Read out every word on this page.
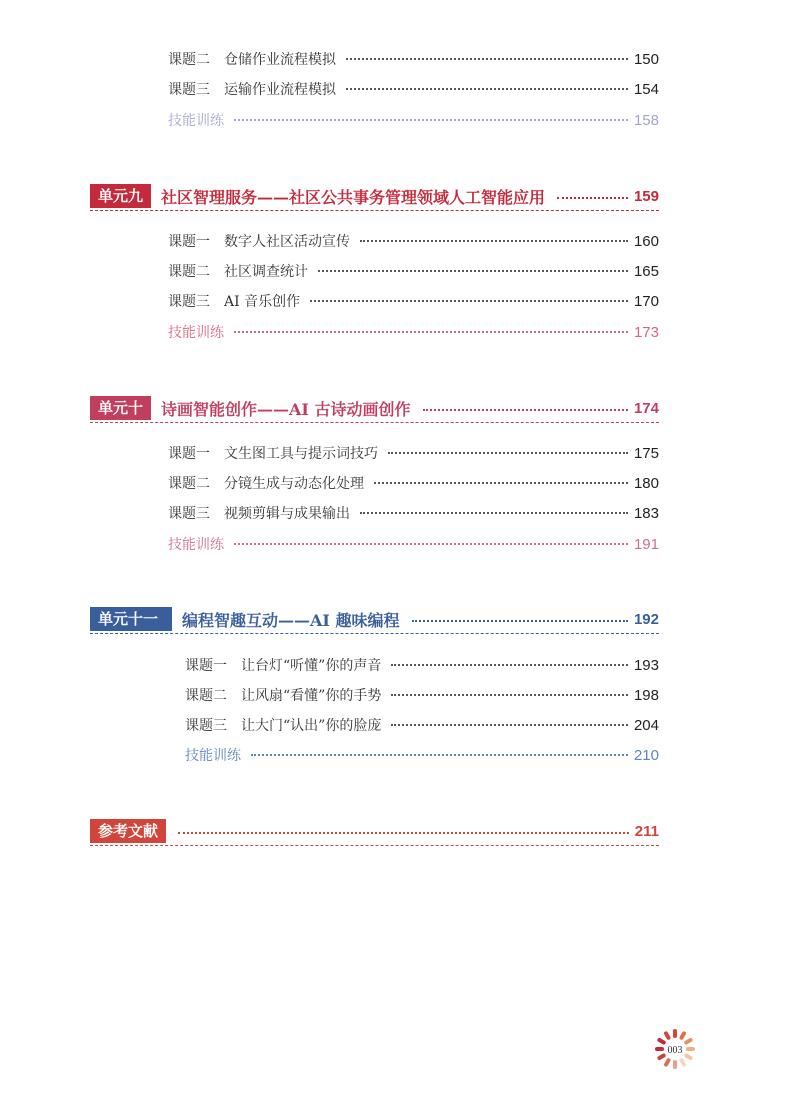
课题二	仓储作业流程模拟	150
课题三	运输作业流程模拟	154
技能训练	158
单元九	社区智理服务——社区公共事务管理领域人工智能应用	159
课题一	数字人社区活动宣传	160
课题二	社区调查统计	165
课题三	AI 音乐创作	170
技能训练	173
单元十	诗画智能创作——AI 古诗动画创作	174
课题一	文生图工具与提示词技巧	175
课题二	分镜生成与动态化处理	180
课题三	视频剪辑与成果输出	183
技能训练	191
单元十一	编程智趣互动——AI 趣味编程	192
课题一	让台灯“听懂”你的声音	193
课题二	让风扇“看懂”你的手势	198
课题三	让大门“认出”你的脸庞	204
技能训练	210
参考文献	211
003
